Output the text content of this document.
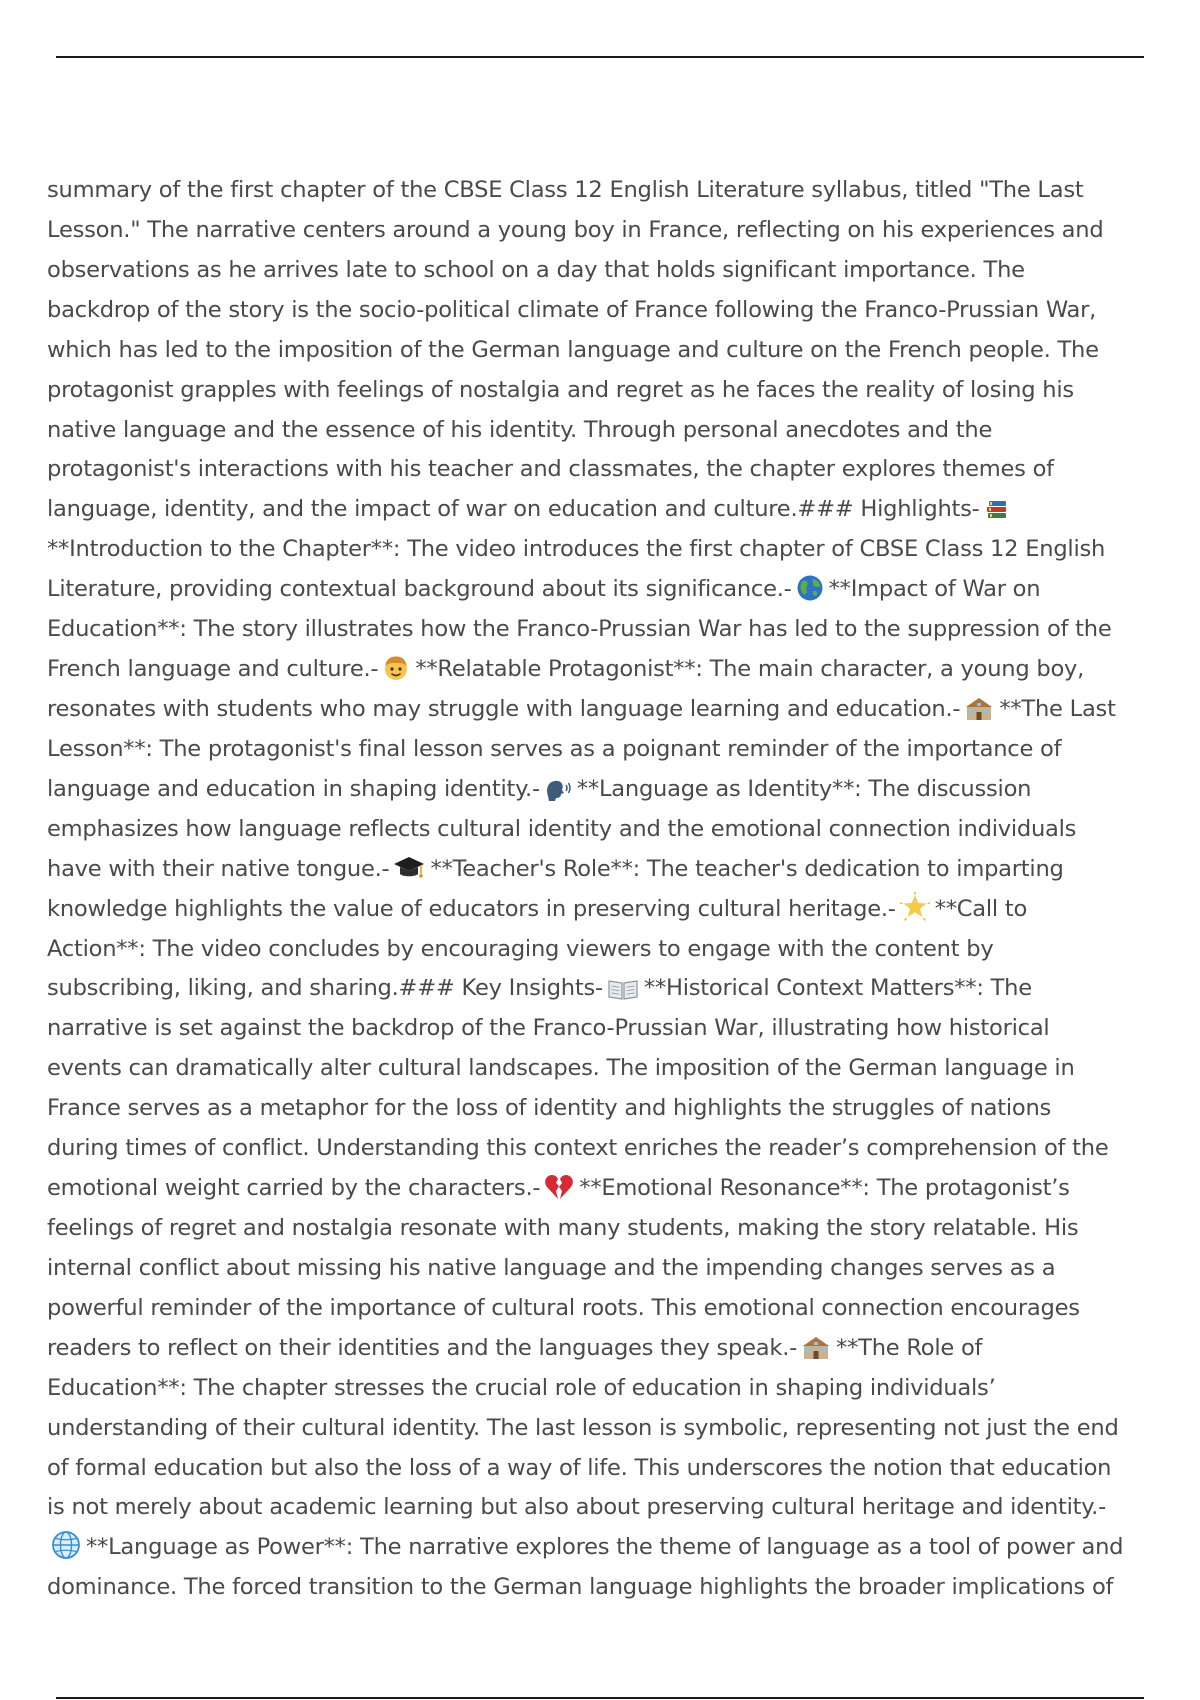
summary of the first chapter of the CBSE Class 12 English Literature syllabus, titled "The Last
Lesson." The narrative centers around a young boy in France, reflecting on his experiences and
observations as he arrives late to school on a day that holds significant importance. The
backdrop of the story is the socio-political climate of France following the Franco-Prussian War,
which has led to the imposition of the German language and culture on the French people. The
protagonist grapples with feelings of nostalgia and regret as he faces the reality of losing his
native language and the essence of his identity. Through personal anecdotes and the
protagonist's interactions with his teacher and classmates, the chapter explores themes of
language, identity, and the impact of war on education and culture.### Highlights-
**Introduction to the Chapter**: The video introduces the first chapter of CBSE Class 12 English
Literature, providing contextual background about its significance.- **Impact of War on
Education**: The story illustrates how the Franco-Prussian War has led to the suppression of the
French language and culture.- **Relatable Protagonist**: The main character, a young boy,
resonates with students who may struggle with language learning and education.- **The Last
Lesson**: The protagonist's final lesson serves as a poignant reminder of the importance of
language and education in shaping identity.- **Language as Identity**: The discussion
emphasizes how language reflects cultural identity and the emotional connection individuals
have with their native tongue.- **Teacher's Role**: The teacher's dedication to imparting
knowledge highlights the value of educators in preserving cultural heritage.- **Call to
Action**: The video concludes by encouraging viewers to engage with the content by
subscribing, liking, and sharing.### Key Insights- **Historical Context Matters**: The
narrative is set against the backdrop of the Franco-Prussian War, illustrating how historical
events can dramatically alter cultural landscapes. The imposition of the German language in
France serves as a metaphor for the loss of identity and highlights the struggles of nations
during times of conflict. Understanding this context enriches the reader’s comprehension of the
emotional weight carried by the characters.- **Emotional Resonance**: The protagonist’s
feelings of regret and nostalgia resonate with many students, making the story relatable. His
internal conflict about missing his native language and the impending changes serves as a
powerful reminder of the importance of cultural roots. This emotional connection encourages
readers to reflect on their identities and the languages they speak.- **The Role of
Education**: The chapter stresses the crucial role of education in shaping individuals’
understanding of their cultural identity. The last lesson is symbolic, representing not just the end
of formal education but also the loss of a way of life. This underscores the notion that education
is not merely about academic learning but also about preserving cultural heritage and identity.-
**Language as Power**: The narrative explores the theme of language as a tool of power and
dominance. The forced transition to the German language highlights the broader implications of
